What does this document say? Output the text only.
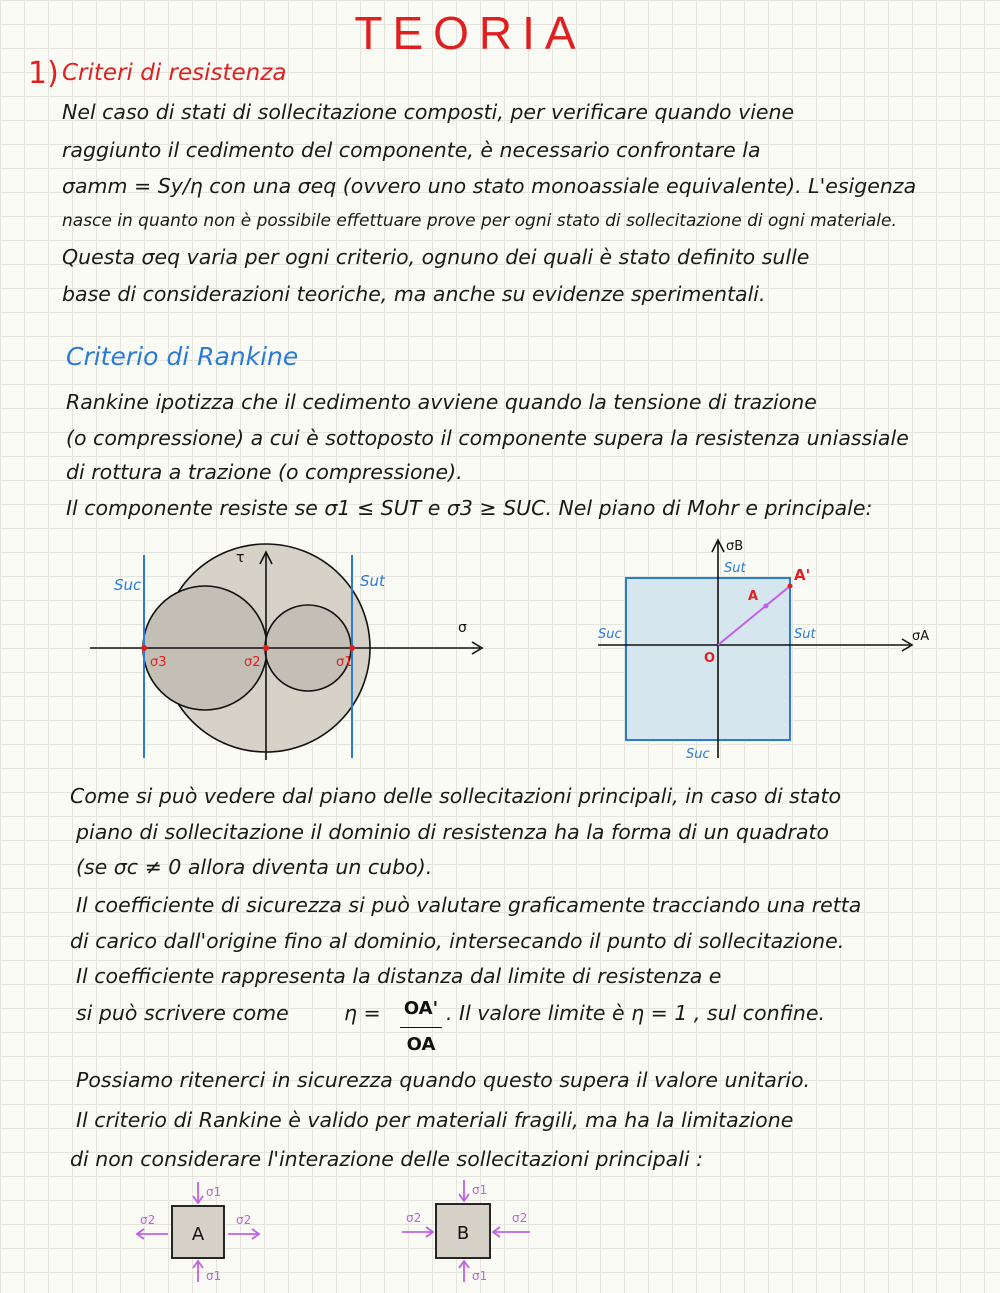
TEORIA
1) Criteri di resistenza
Nel caso di stati di sollecitazione composti, per verificare quando viene
raggiunto il cedimento del componente, è necessario confrontare la
σamm = Sy/η con una σeq (ovvero uno stato monoassiale equivalente). L'esigenza
nasce in quanto non è possibile effettuare prove per ogni stato di sollecitazione di ogni materiale.
Questa σeq varia per ogni criterio, ognuno dei quali è stato definito sulle
base di considerazioni teoriche, ma anche su evidenze sperimentali.
Criterio di Rankine
Rankine ipotizza che il cedimento avviene quando la tensione di trazione
(o compressione) a cui è sottoposto il componente supera la resistenza uniassiale
di rottura a trazione (o compressione).
Il componente resiste se σ1 ≤ SUT e σ3 ≥ SUC. Nel piano di Mohr e principale:
Suc	Sut
σ
τ
σ3	σ2	σ1
σB
σA
Sut
Sut
Suc
Suc
O
A
A'
Come si può vedere dal piano delle sollecitazioni principali, in caso di stato
piano di sollecitazione il dominio di resistenza ha la forma di un quadrato
(se σc ≠ 0 allora diventa un cubo).
Il coefficiente di sicurezza si può valutare graficamente tracciando una retta
di carico dall'origine fino al dominio, intersecando il punto di sollecitazione.
Il coefficiente rappresenta la distanza dal limite di resistenza e
si può scrivere come	η = OA'
OA
. Il valore limite è η = 1 , sul confine.
Possiamo ritenerci in sicurezza quando questo supera il valore unitario.
Il criterio di Rankine è valido per materiali fragili, ma ha la limitazione
di non considerare l'interazione delle sollecitazioni principali :
A
σ1
σ1
σ2	σ2
B
σ1
σ1
σ2	σ2
